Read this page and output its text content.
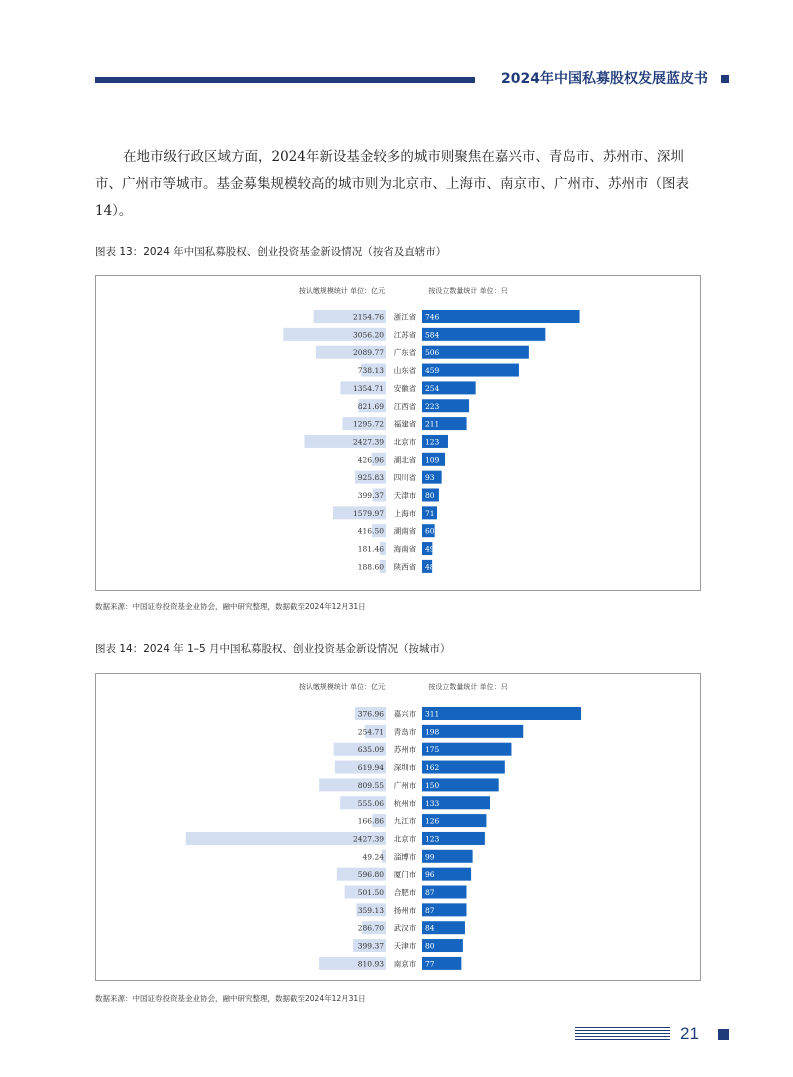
2024年中国私募股权发展蓝皮书
在地市级行政区域方面，2024年新设基金较多的城市则聚焦在嘉兴市、青岛市、苏州市、深圳市、广州市等城市。基金募集规模较高的城市则为北京市、上海市、南京市、广州市、苏州市（图表14）。
图表 13：2024 年中国私募股权、创业投资基金新设情况（按省及直辖市）
按认缴规模统计 单位：亿元	按设立数量统计 单位：只
2154.76 浙江省 746
3056.20 江苏省 584
2089.77 广东省 506
738.13 山东省 459
1354.71 安徽省 254
821.69 江西省 223
1295.72 福建省 211
2427.39 北京市 123
426.96 湖北省 109
925.83 四川省 93
399.37 天津市 80
1579.97 上海市 71
416.50 湖南省 60
181.46 海南省 49
188.60 陕西省 48
数据来源：中国证券投资基金业协会，融中研究整理，数据截至2024年12月31日
图表 14：2024 年 1–5 月中国私募股权、创业投资基金新设情况（按城市）
按认缴规模统计 单位：亿元	按设立数量统计 单位：只
376.96 嘉兴市 311
254.71 青岛市 198
635.09 苏州市 175
619.94 深圳市 162
809.55 广州市 150
555.06 杭州市 133
166.86 九江市 126
2427.39 北京市 123
49.24 淄博市 99
596.80 厦门市 96
501.50 合肥市 87
359.13 扬州市 87
286.70 武汉市 84
399.37 天津市 80
810.93 南京市 77
数据来源：中国证券投资基金业协会，融中研究整理，数据截至2024年12月31日
21
